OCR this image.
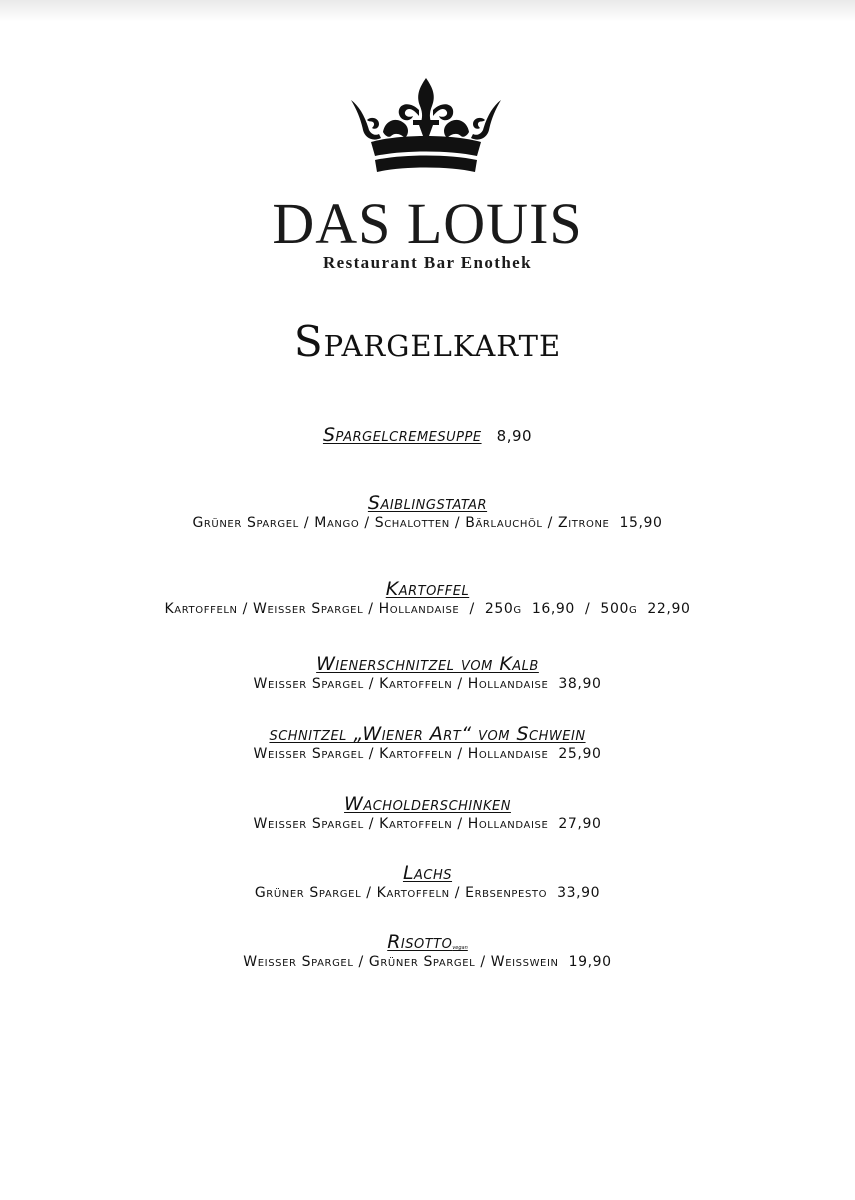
DAS LOUIS
Restaurant Bar Enothek
Spargelkarte
Spargelcremesuppe 8,90
Saiblingstatar
Grüner Spargel / Mango / Schalotten / Bärlauchöl / Zitrone 15,90
Kartoffel
Kartoffeln / Weisser Spargel / Hollandaise  /  250g  16,90  /  500g  22,90
Wienerschnitzel vom Kalb
Weisser Spargel / Kartoffeln / Hollandaise 38,90
schnitzel „Wiener Art“ vom Schwein
Weisser Spargel / Kartoffeln / Hollandaise 25,90
Wacholderschinken
Weisser Spargel / Kartoffeln / Hollandaise 27,90
Lachs
Grüner Spargel / Kartoffeln / Erbsenpesto 33,90
Risottovegan
Weisser Spargel / Grüner Spargel / Weisswein 19,90
